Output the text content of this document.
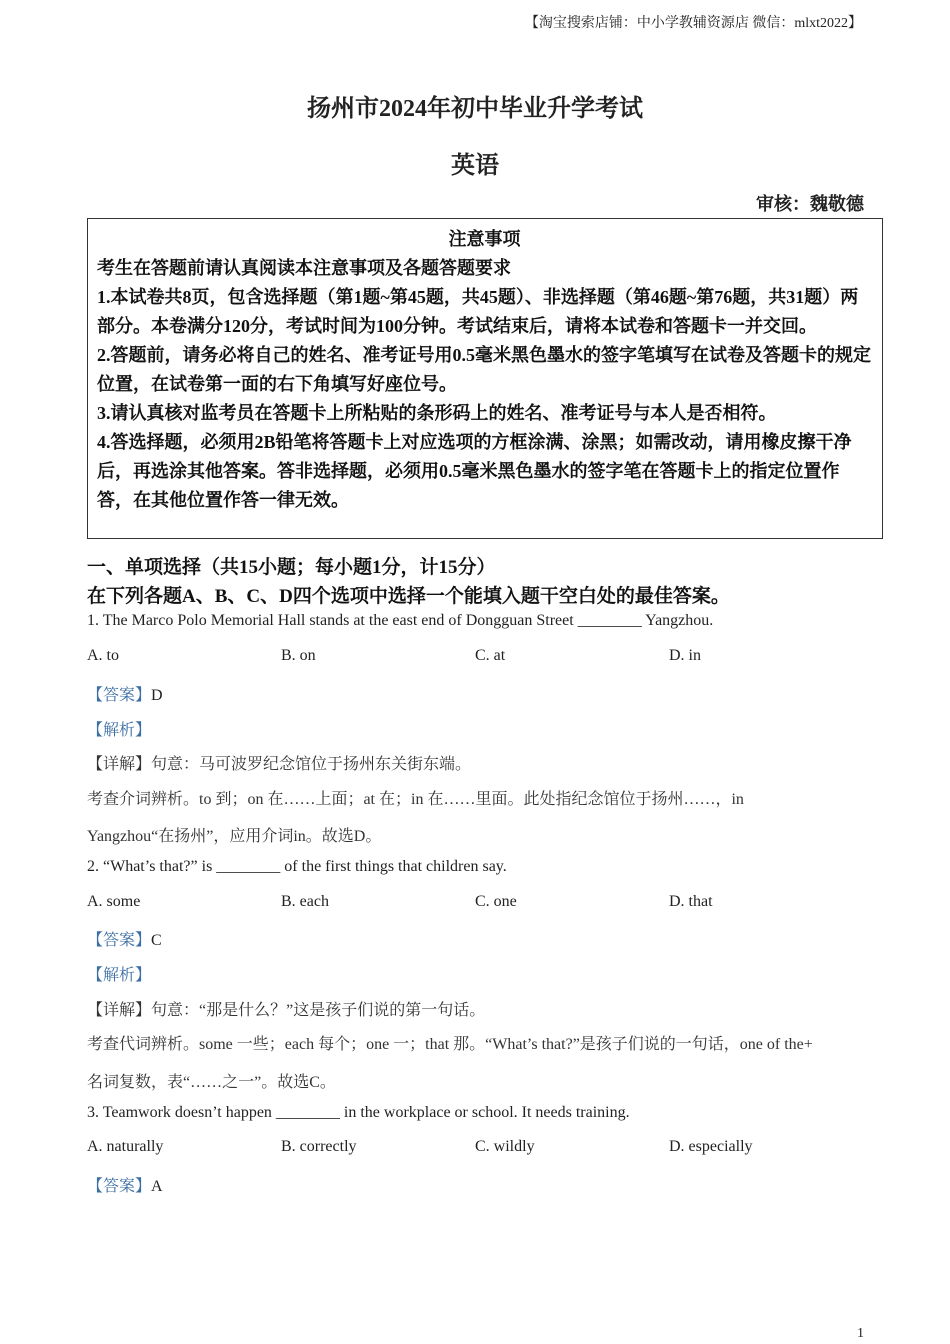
【淘宝搜索店铺：中小学教辅资源店 微信：mlxt2022】
扬州市2024年初中毕业升学考试
英语
审核：魏敬德
注意事项

考生在答题前请认真阅读本注意事项及各题答题要求

1.本试卷共8页，包含选择题（第1题~第45题，共45题）、非选择题（第46题~第76题，共31题）两部分。本卷满分120分，考试时间为100分钟。考试结束后，请将本试卷和答题卡一并交回。

2.答题前，请务必将自己的姓名、准考证号用0.5毫米黑色墨水的签字笔填写在试卷及答题卡的规定位置，在试卷第一面的右下角填写好座位号。

3.请认真核对监考员在答题卡上所粘贴的条形码上的姓名、准考证号与本人是否相符。

4.答选择题，必须用2B铅笔将答题卡上对应选项的方框涂满、涂黑；如需改动，请用橡皮擦干净后，再选涂其他答案。答非选择题，必须用0.5毫米黑色墨水的签字笔在答题卡上的指定位置作答，在其他位置作答一律无效。

一、单项选择（共15小题；每小题1分，计15分）
在下列各题A、B、C、D四个选项中选择一个能填入题干空白处的最佳答案。
1. The Marco Polo Memorial Hall stands at the east end of Dongguan Street ________ Yangzhou.
A. to	B. on	C. at	D. in
【答案】D
【解析】
【详解】句意：马可波罗纪念馆位于扬州东关街东端。
考查介词辨析。to 到；on 在……上面；at 在；in 在……里面。此处指纪念馆位于扬州……，in
Yangzhou“在扬州”，应用介词in。故选D。
2. “What’s that?” is ________ of the first things that children say.
A. some	B. each	C. one	D. that
【答案】C
【解析】
【详解】句意：“那是什么？”这是孩子们说的第一句话。
考查代词辨析。some 一些；each 每个；one 一；that 那。“What’s that?”是孩子们说的一句话，one of the+
名词复数，表“……之一”。故选C。
3. Teamwork doesn’t happen ________ in the workplace or school. It needs training.
A. naturally	B. correctly	C. wildly	D. especially
【答案】A
1
